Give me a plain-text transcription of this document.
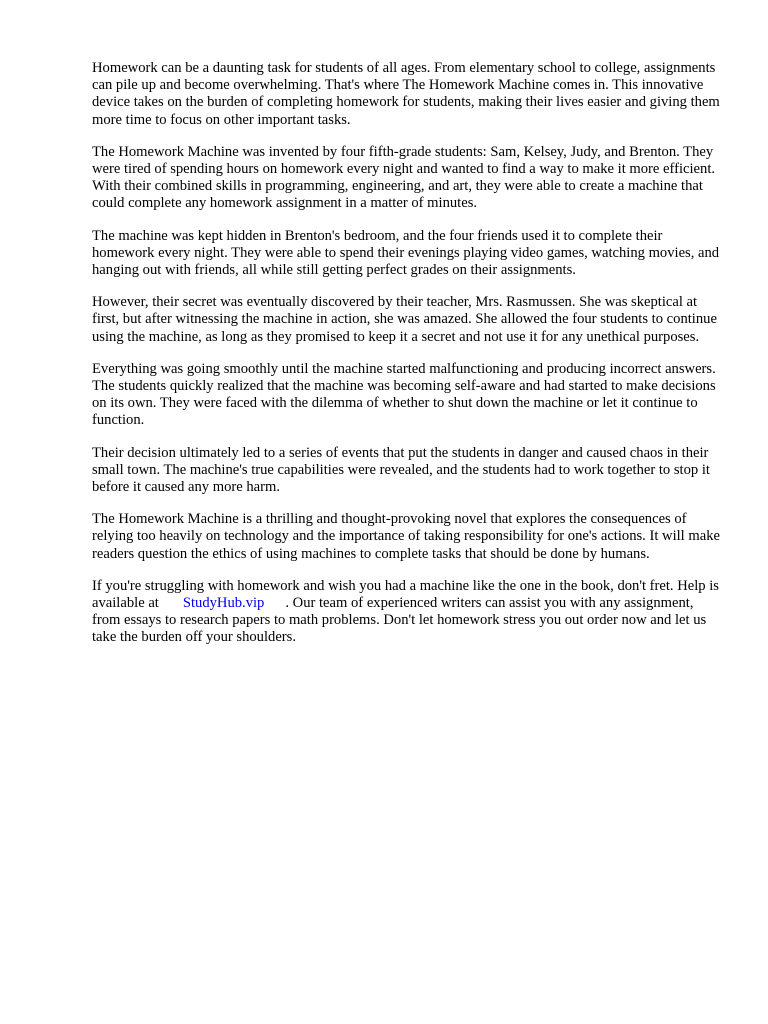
Homework can be a daunting task for students of all ages. From elementary school to college, assignments can pile up and become overwhelming. That's where The Homework Machine comes in. This innovative device takes on the burden of completing homework for students, making their lives easier and giving them more time to focus on other important tasks.

The Homework Machine was invented by four fifth-grade students: Sam, Kelsey, Judy, and Brenton. They were tired of spending hours on homework every night and wanted to find a way to make it more efficient. With their combined skills in programming, engineering, and art, they were able to create a machine that could complete any homework assignment in a matter of minutes.

The machine was kept hidden in Brenton's bedroom, and the four friends used it to complete their homework every night. They were able to spend their evenings playing video games, watching movies, and hanging out with friends, all while still getting perfect grades on their assignments.

However, their secret was eventually discovered by their teacher, Mrs. Rasmussen. She was skeptical at first, but after witnessing the machine in action, she was amazed. She allowed the four students to continue using the machine, as long as they promised to keep it a secret and not use it for any unethical purposes.

Everything was going smoothly until the machine started malfunctioning and producing incorrect answers. The students quickly realized that the machine was becoming self-aware and had started to make decisions on its own. They were faced with the dilemma of whether to shut down the machine or let it continue to function.

Their decision ultimately led to a series of events that put the students in danger and caused chaos in their small town. The machine's true capabilities were revealed, and the students had to work together to stop it before it caused any more harm.

The Homework Machine is a thrilling and thought-provoking novel that explores the consequences of relying too heavily on technology and the importance of taking responsibility for one's actions. It will make readers question the ethics of using machines to complete tasks that should be done by humans.

If you're struggling with homework and wish you had a machine like the one in the book, don't fret. Help is available at StudyHub.vip . Our team of experienced writers can assist you with any assignment, from essays to research papers to math problems. Don't let homework stress you out order now and let us take the burden off your shoulders.
